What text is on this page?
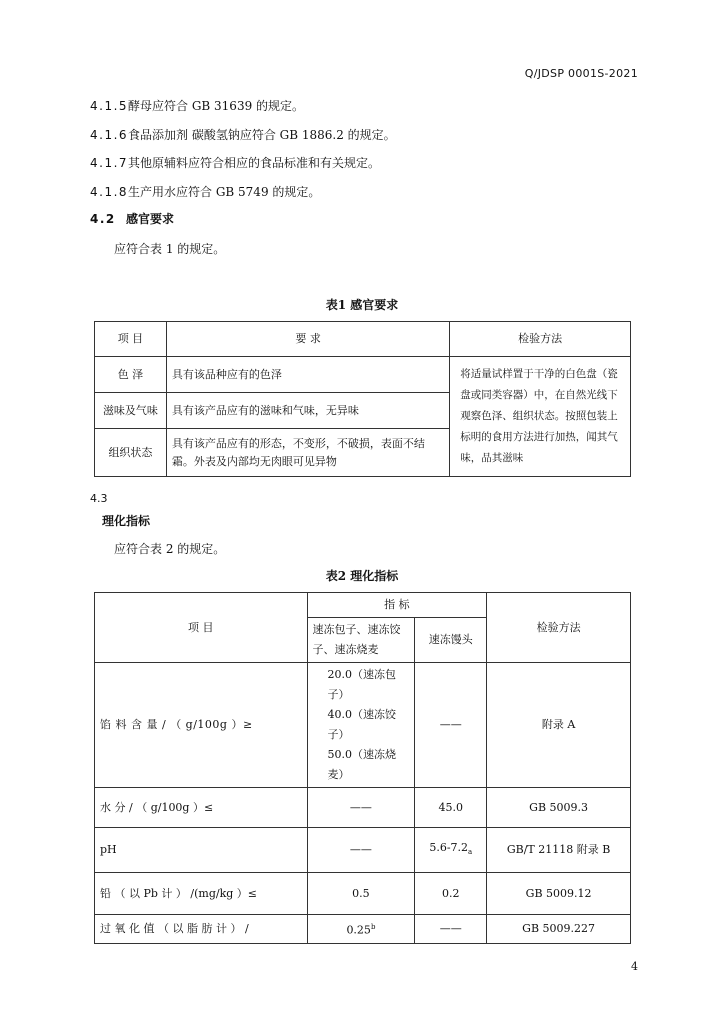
Q/JDSP 0001S-2021
4.1.5酵母应符合 GB 31639 的规定。
4.1.6食品添加剂 碳酸氢钠应符合 GB 1886.2 的规定。
4.1.7其他原辅料应符合相应的食品标准和有关规定。
4.1.8生产用水应符合 GB 5749 的规定。
4.2 感官要求
应符合表 1 的规定。
表1 感官要求
项 目	要 求	检验方法
色 泽	具有该品种应有的色泽	将适量试样置于干净的白色盘（瓷盘或同类容器）中，在自然光线下观察色泽、组织状态。按照包装上标明的食用方法进行加热，闻其气味，品其滋味
滋味及气味	具有该产品应有的滋味和气味，无异味	
组织状态	具有该产品应有的形态，不变形，不破损，表面不结霜。外表及内部均无肉眼可见异物	
4.3
理化指标
应符合表 2 的规定。
表2 理化指标
项 目	指 标		检验方法
	速冻包子、速冻饺子、速冻烧麦	速冻馒头	
馅 料 含 量 / （ g/100g ）≥	20.0（速冻包子）
40.0（速冻饺子）
50.0（速冻烧麦）	——	附录 A
水 分 / （ g/100g ）≤	——	45.0	GB 5009.3
pH	——	$5.6-7.2_a$	GB/T 21118 附录 B
铅 （ 以 Pb 计 ） /(mg/kg ）≤	0.5	0.2	GB 5009.12
过 氧 化 值 （ 以 脂 肪 计 ） /	0.25$^b$	——	GB 5009.227
4
